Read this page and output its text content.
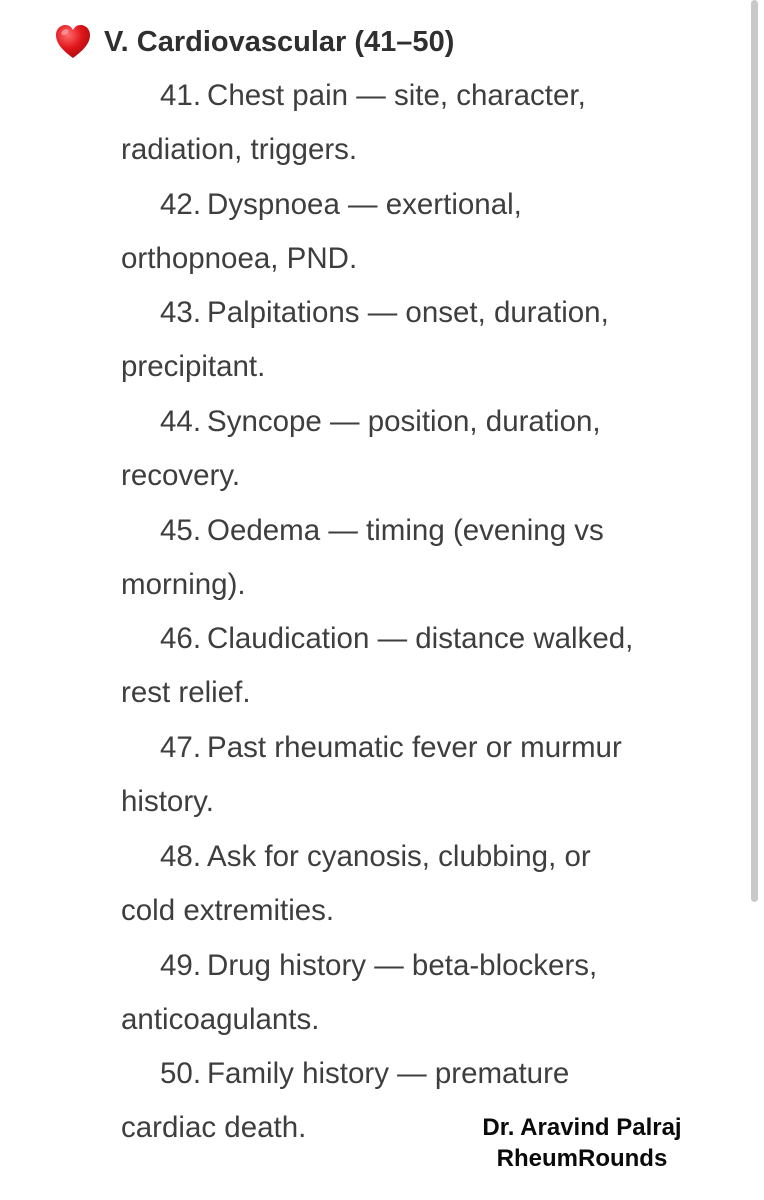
V. Cardiovascular (41–50)
41. Chest pain — site, character,
radiation, triggers.
42. Dyspnoea — exertional,
orthopnoea, PND.
43. Palpitations — onset, duration,
precipitant.
44. Syncope — position, duration,
recovery.
45. Oedema — timing (evening vs
morning).
46. Claudication — distance walked,
rest relief.
47. Past rheumatic fever or murmur
history.
48. Ask for cyanosis, clubbing, or
cold extremities.
49. Drug history — beta-blockers,
anticoagulants.
50. Family history — premature
cardiac death.	Dr. Aravind Palraj
RheumRounds
